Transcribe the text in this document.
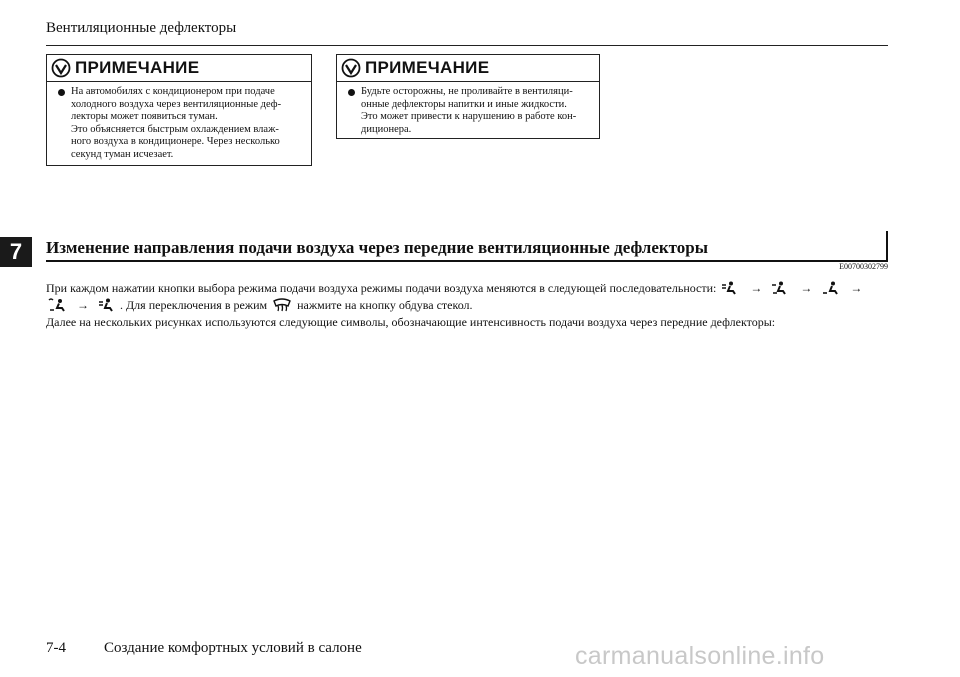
Вентиляционные дефлекторы
ПРИМЕЧАНИЕ

На автомобилях с кондиционером при подаче

холодного воздуха через вентиляционные деф-

лекторы может появиться туман.

Это объясняется быстрым охлаждением влаж-

ного воздуха в кондиционере. Через несколько

секунд туман исчезает.

ПРИМЕЧАНИЕ

Будьте осторожны, не проливайте в вентиляци-

онные дефлекторы напитки и иные жидкости.

Это может привести к нарушению в работе кон-

диционера.

7	Изменение направления подачи воздуха через передние вентиляционные дефлекторы
E00700302799
При каждом нажатии кнопки выбора режима подачи воздуха режимы подачи воздуха меняются в следующей последовательности:	→	→	→
→	. Для переключения в режим	нажмите на кнопку обдува стекол.
Далее на нескольких рисунках используются следующие символы, обозначающие интенсивность подачи воздуха через передние дефлекторы:
7-4	Создание комфортных условий в салоне	carmanualsonline.info
